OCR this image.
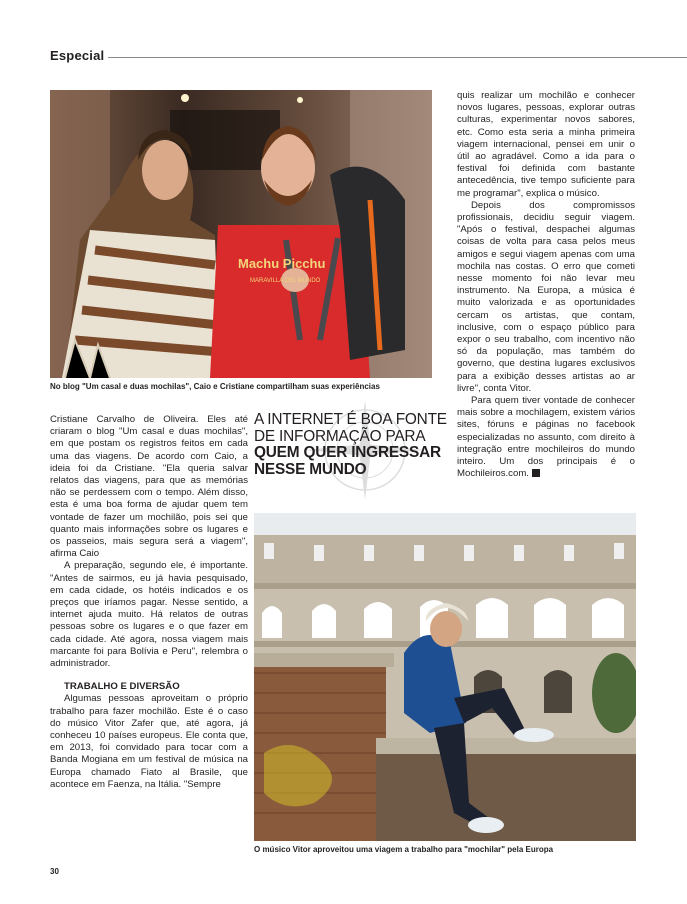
Especial
Machu Picchu
MARAVILLA DEL MUNDO
No blog "Um casal e duas mochilas", Caio e Cristiane compartilham suas experiências

Cristiane Carvalho de Oliveira. Eles até criaram o blog "Um casal e duas mochilas", em que postam os registros feitos em cada uma das viagens. De acordo com Caio, a ideia foi da Cristiane. "Ela queria salvar relatos das viagens, para que as memórias não se perdessem com o tempo. Além disso, esta é uma boa forma de ajudar quem tem vontade de fazer um mochilão, pois sei que quanto mais informações sobre os lugares e os passeios, mais segura será a viagem", afirma Caio

A preparação, segundo ele, é importante. "Antes de sairmos, eu já havia pesquisado, em cada cidade, os hotéis indicados e os preços que iríamos pagar. Nesse sentido, a internet ajuda muito. Há relatos de outras pessoas sobre os lugares e o que fazer em cada cidade. Até agora, nossa viagem mais marcante foi para Bolívia e Peru", relembra o administrador.

TRABALHO E DIVERSÃO

Algumas pessoas aproveitam o próprio trabalho para fazer mochilão. Este é o caso do músico Vitor Zafer que, até agora, já conheceu 10 países europeus. Ele conta que, em 2013, foi convidado para tocar com a Banda Mogiana em um festival de música na Europa chamado Fiato al Brasile, que acontece em Faenza, na Itália. "Sempre

A INTERNET É BOA FONTE
DE INFORMAÇÃO PARA
QUEM QUER INGRESSAR
NESSE MUNDO

quis realizar um mochilão e conhecer novos lugares, pessoas, explorar outras culturas, experimentar novos sabores, etc. Como esta seria a minha primeira viagem internacional, pensei em unir o útil ao agradável. Como a ida para o festival foi definida com bastante antecedência, tive tempo suficiente para me programar", explica o músico.

Depois dos compromissos profissionais, decidiu seguir viagem. "Após o festival, despachei algumas coisas de volta para casa pelos meus amigos e segui viagem apenas com uma mochila nas costas. O erro que cometi nesse momento foi não levar meu instrumento. Na Europa, a música é muito valorizada e as oportunidades cercam os artistas, que contam, inclusive, com o espaço público para expor o seu trabalho, com incentivo não só da população, mas também do governo, que destina lugares exclusivos para a exibição desses artistas ao ar livre", conta Vitor.

Para quem tiver vontade de conhecer mais sobre a mochilagem, existem vários sites, fóruns e páginas no facebook especializadas no assunto, com direito à integração entre mochileiros do mundo inteiro. Um dos principais é o Mochileiros.com.

O músico Vitor aproveitou uma viagem a trabalho para "mochilar" pela Europa
30
